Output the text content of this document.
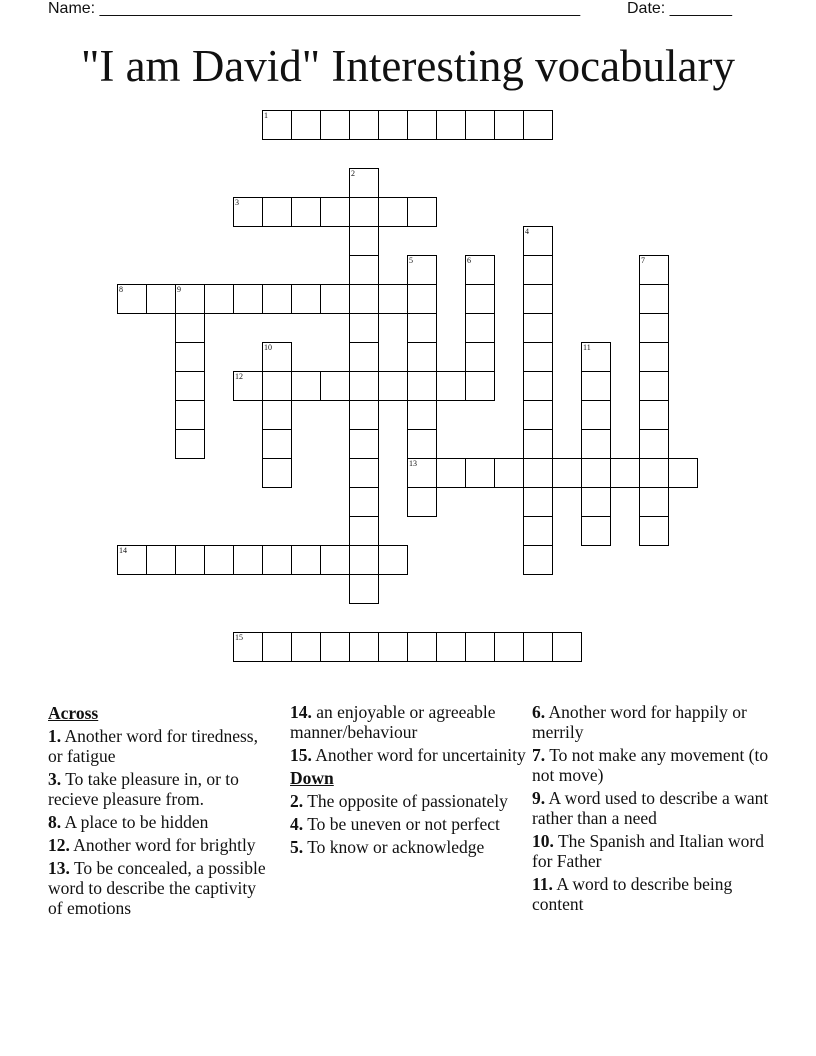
Name: ______________________________________________________	Date: _______
"I am David" Interesting vocabulary
1
2
3
4
5
13
6	7
8	9
10	11
12
14
15
Across
1. Another word for tiredness, or fatigue
3. To take pleasure in, or to recieve pleasure from.
8. A place to be hidden
12. Another word for brightly
13. To be concealed, a possible word to describe the captivity of emotions
14. an enjoyable or agreeable manner/behaviour
15. Another word for uncertainity
Down
2. The opposite of passionately
4. To be uneven or not perfect
5. To know or acknowledge
6. Another word for happily or merrily
7. To not make any movement (to not move)
9. A word used to describe a want rather than a need
10. The Spanish and Italian word for Father
11. A word to describe being content
